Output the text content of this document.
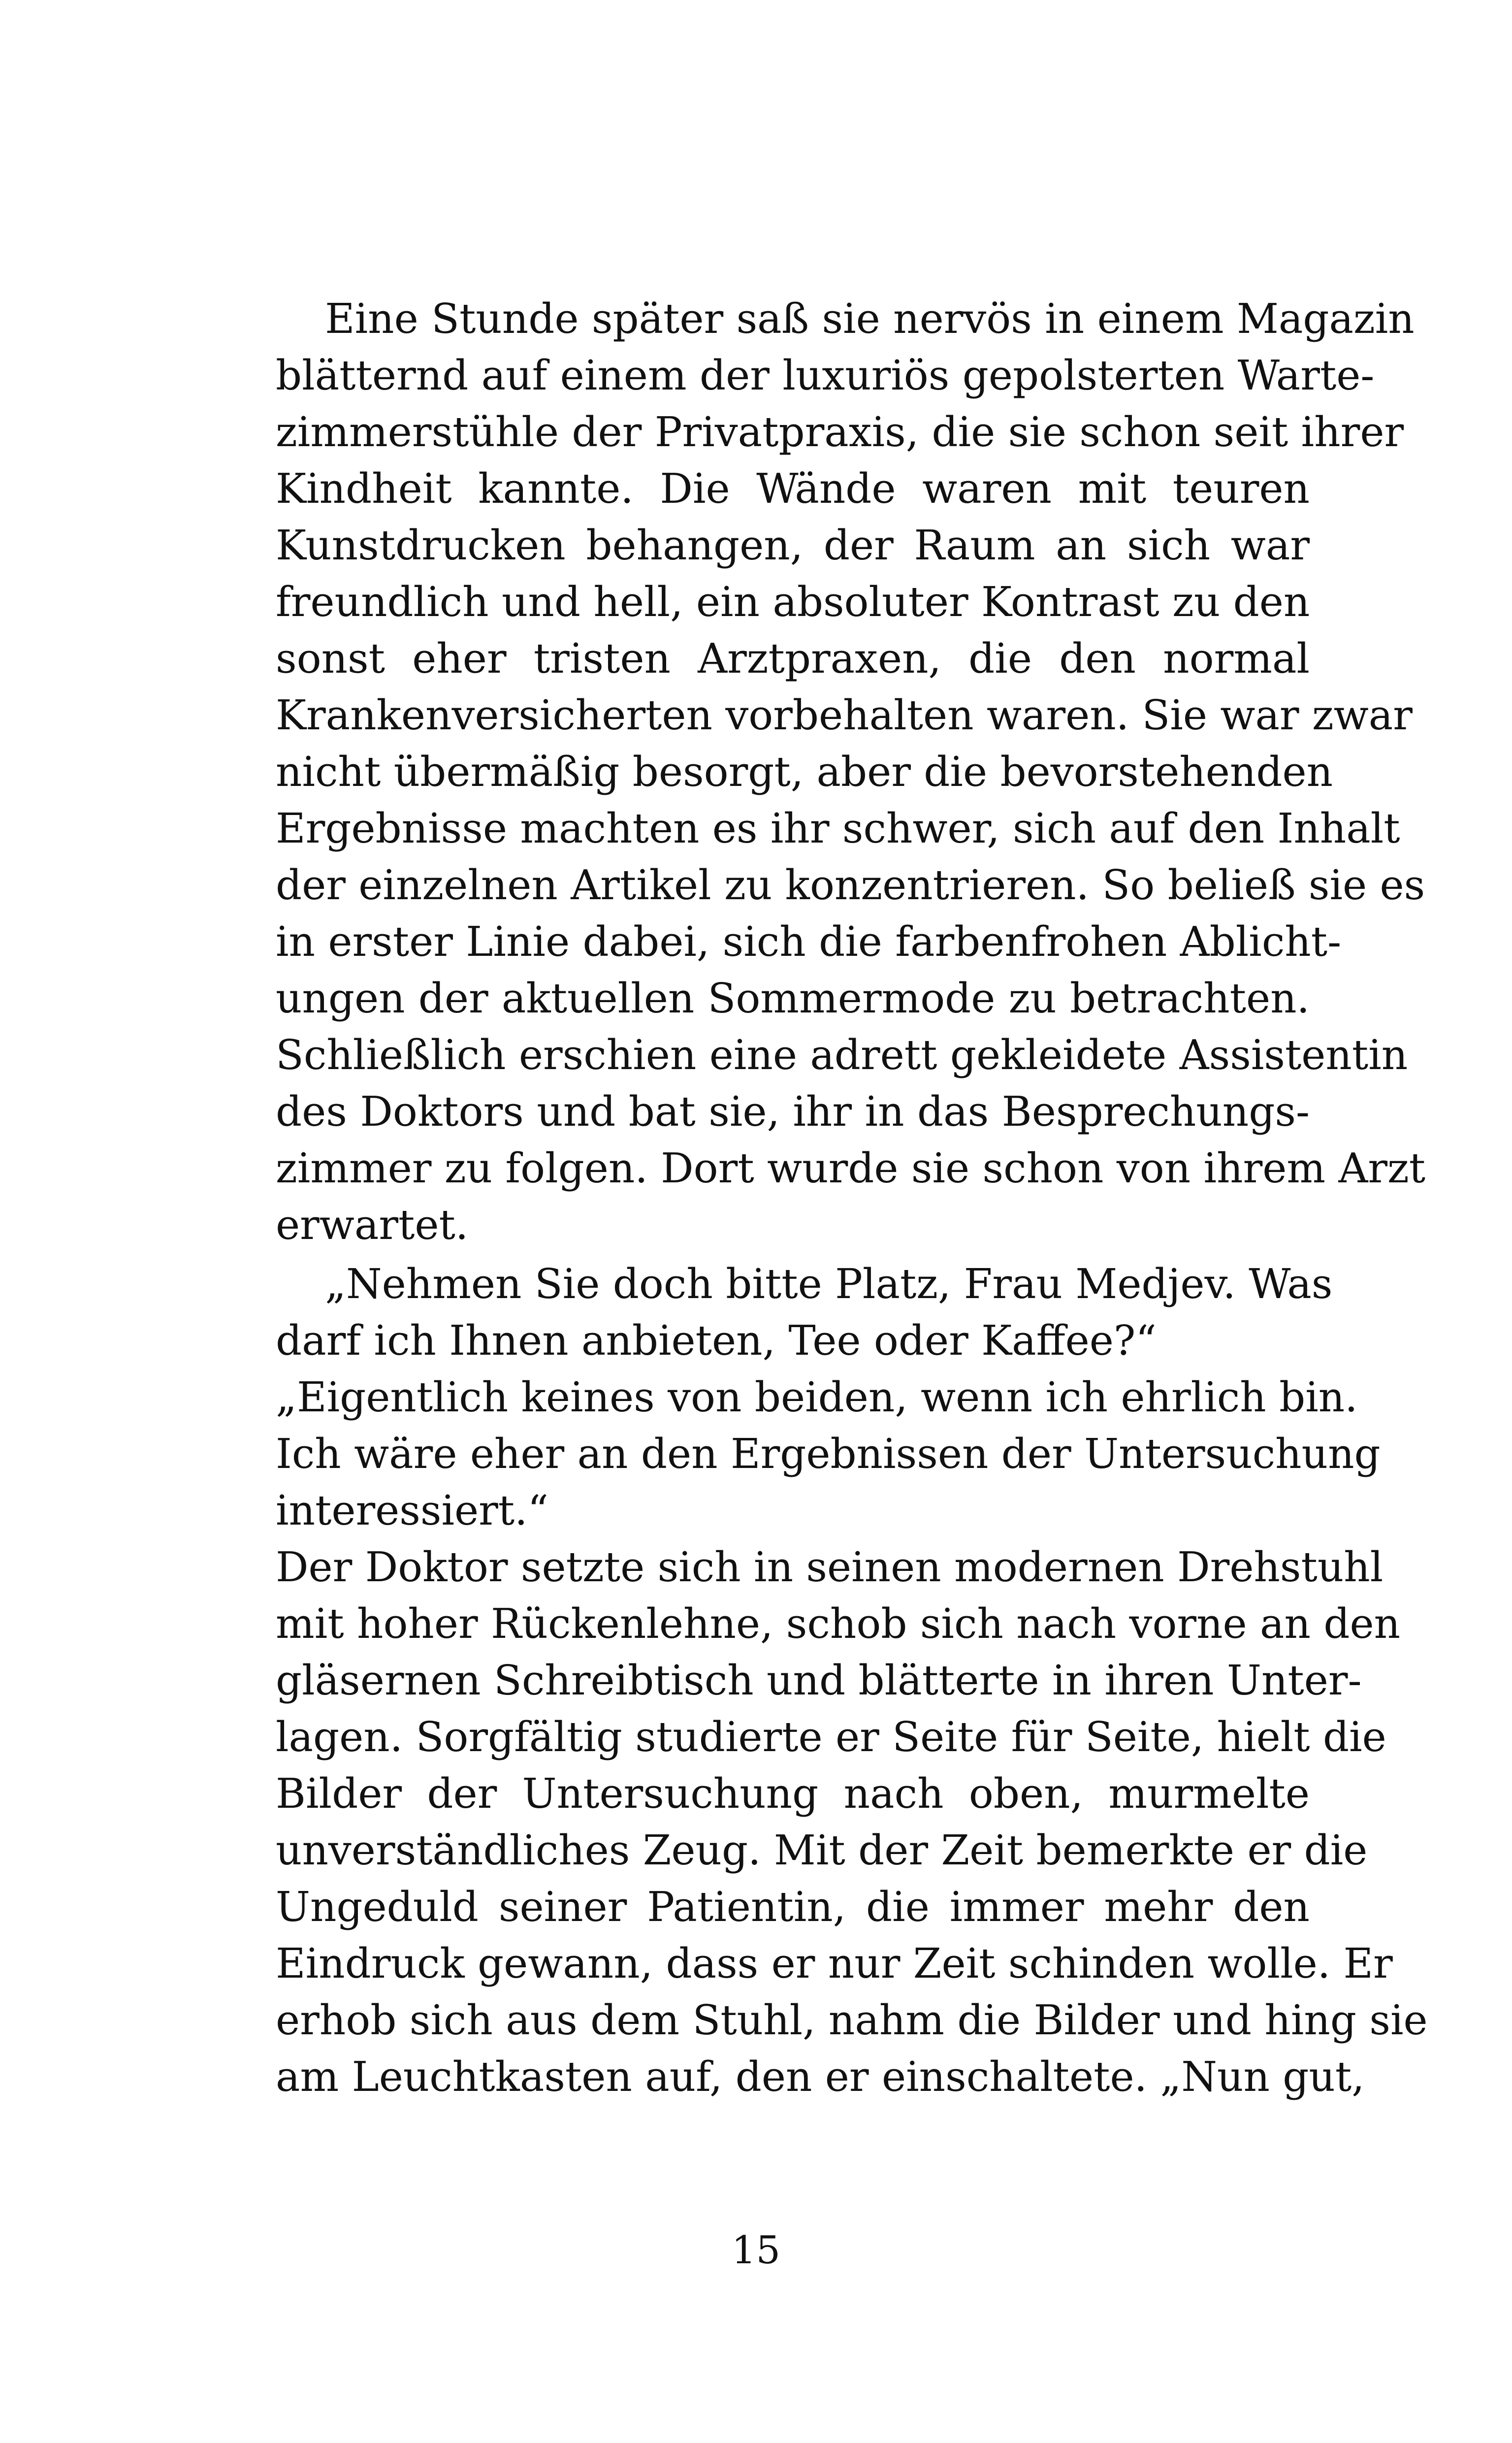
Eine Stunde später saß sie nervös in einem Magazin
blätternd auf einem der luxuriös gepolsterten Warte-
zimmerstühle der Privatpraxis, die sie schon seit ihrer
Kindheit kannte. Die Wände waren mit teuren
Kunstdrucken behangen, der Raum an sich war
freundlich und hell, ein absoluter Kontrast zu den
sonst eher tristen Arztpraxen, die den normal
Krankenversicherten vorbehalten waren. Sie war zwar
nicht übermäßig besorgt, aber die bevorstehenden
Ergebnisse machten es ihr schwer, sich auf den Inhalt
der einzelnen Artikel zu konzentrieren. So beließ sie es
in erster Linie dabei, sich die farbenfrohen Ablicht-
ungen der aktuellen Sommermode zu betrachten.
Schließlich erschien eine adrett gekleidete Assistentin
des Doktors und bat sie, ihr in das Besprechungs-
zimmer zu folgen. Dort wurde sie schon von ihrem Arzt
erwartet.
„Nehmen Sie doch bitte Platz, Frau Medjev. Was
darf ich Ihnen anbieten, Tee oder Kaffee?“
„Eigentlich keines von beiden, wenn ich ehrlich bin.
Ich wäre eher an den Ergebnissen der Untersuchung
interessiert.“
Der Doktor setzte sich in seinen modernen Drehstuhl
mit hoher Rückenlehne, schob sich nach vorne an den
gläsernen Schreibtisch und blätterte in ihren Unter-
lagen. Sorgfältig studierte er Seite für Seite, hielt die
Bilder der Untersuchung nach oben, murmelte
unverständliches Zeug. Mit der Zeit bemerkte er die
Ungeduld seiner Patientin, die immer mehr den
Eindruck gewann, dass er nur Zeit schinden wolle. Er
erhob sich aus dem Stuhl, nahm die Bilder und hing sie
am Leuchtkasten auf, den er einschaltete. „Nun gut,
15
